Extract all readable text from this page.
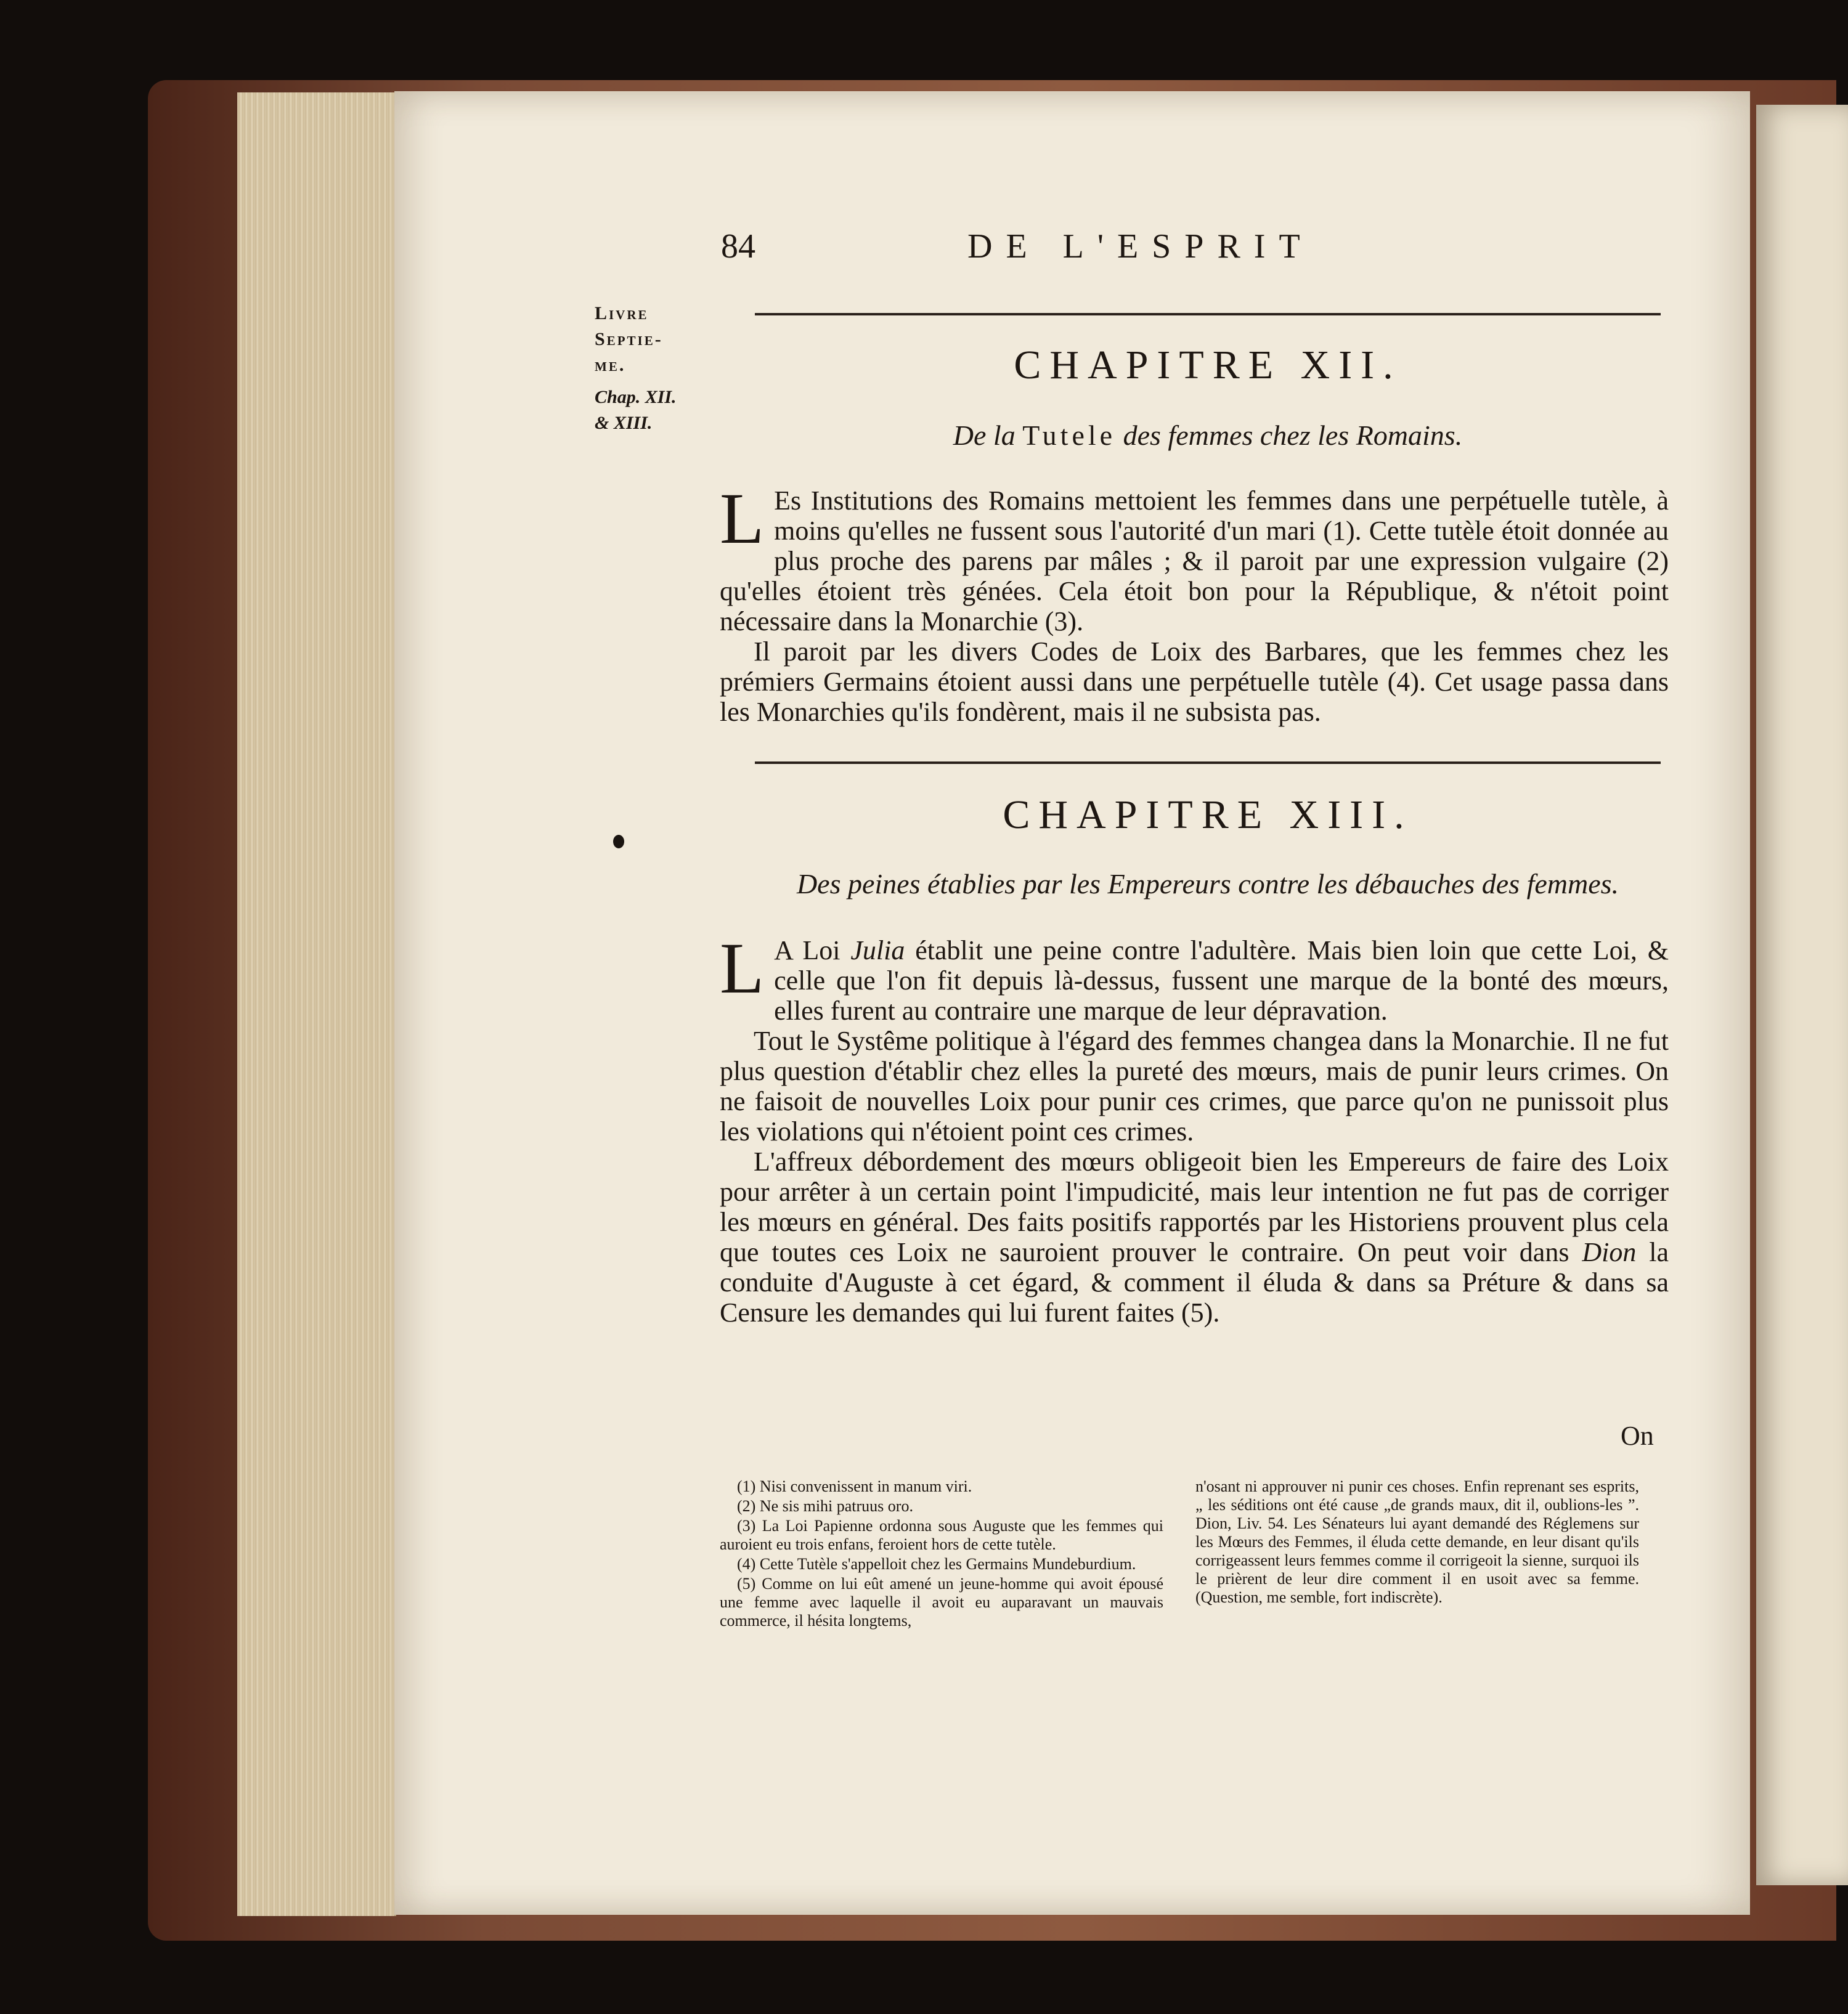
84	DE L'ESPRIT
Livre
Septie-
me.
Chap. XII.
& XIII.
CHAPITRE XII.
De la Tutele des femmes chez les Romains.

L Es Institutions des Romains mettoient les femmes dans une perpétuelle tutèle, à moins qu'elles ne fussent sous l'autorité d'un mari (1). Cette tutèle étoit donnée au plus proche des parens par mâles ; & il paroit par une expression vulgaire (2) qu'elles étoient très génées. Cela étoit bon pour la République, & n'étoit point nécessaire dans la Monarchie (3).

Il paroit par les divers Codes de Loix des Barbares, que les femmes chez les prémiers Germains étoient aussi dans une perpétuelle tutèle (4). Cet usage passa dans les Monarchies qu'ils fondèrent, mais il ne subsista pas.

CHAPITRE XIII.
Des peines établies par les Empereurs contre les débauches des femmes.

L A Loi Julia établit une peine contre l'adultère. Mais bien loin que cette Loi, & celle que l'on fit depuis là-dessus, fussent une marque de la bonté des mœurs, elles furent au contraire une marque de leur dépravation.

Tout le Systême politique à l'égard des femmes changea dans la Monarchie. Il ne fut plus question d'établir chez elles la pureté des mœurs, mais de punir leurs crimes. On ne faisoit de nouvelles Loix pour punir ces crimes, que parce qu'on ne punissoit plus les violations qui n'étoient point ces crimes.

L'affreux débordement des mœurs obligeoit bien les Empereurs de faire des Loix pour arrêter à un certain point l'impudicité, mais leur intention ne fut pas de corriger les mœurs en général. Des faits positifs rapportés par les Historiens prouvent plus cela que toutes ces Loix ne sauroient prouver le contraire. On peut voir dans Dion la conduite d'Auguste à cet égard, & comment il éluda & dans sa Préture & dans sa Censure les demandes qui lui furent faites (5).

On

(1) Nisi convenissent in manum viri.

(2) Ne sis mihi patruus oro.

(3) La Loi Papienne ordonna sous Auguste que les femmes qui auroient eu trois enfans, feroient hors de cette tutèle.

(4) Cette Tutèle s'appelloit chez les Germains Mundeburdium.

(5) Comme on lui eût amené un jeune-homme qui avoit épousé une femme avec laquelle il avoit eu auparavant un mauvais commerce, il hésita longtems,

n'osant ni approuver ni punir ces choses. Enfin reprenant ses esprits, „ les séditions ont été cause „de grands maux, dit il, oublions-les ”. Dion, Liv. 54. Les Sénateurs lui ayant demandé des Réglemens sur les Mœurs des Femmes, il éluda cette demande, en leur disant qu'ils corrigeassent leurs femmes comme il corrigeoit la sienne, surquoi ils le prièrent de leur dire comment il en usoit avec sa femme. (Question, me semble, fort indiscrète).
